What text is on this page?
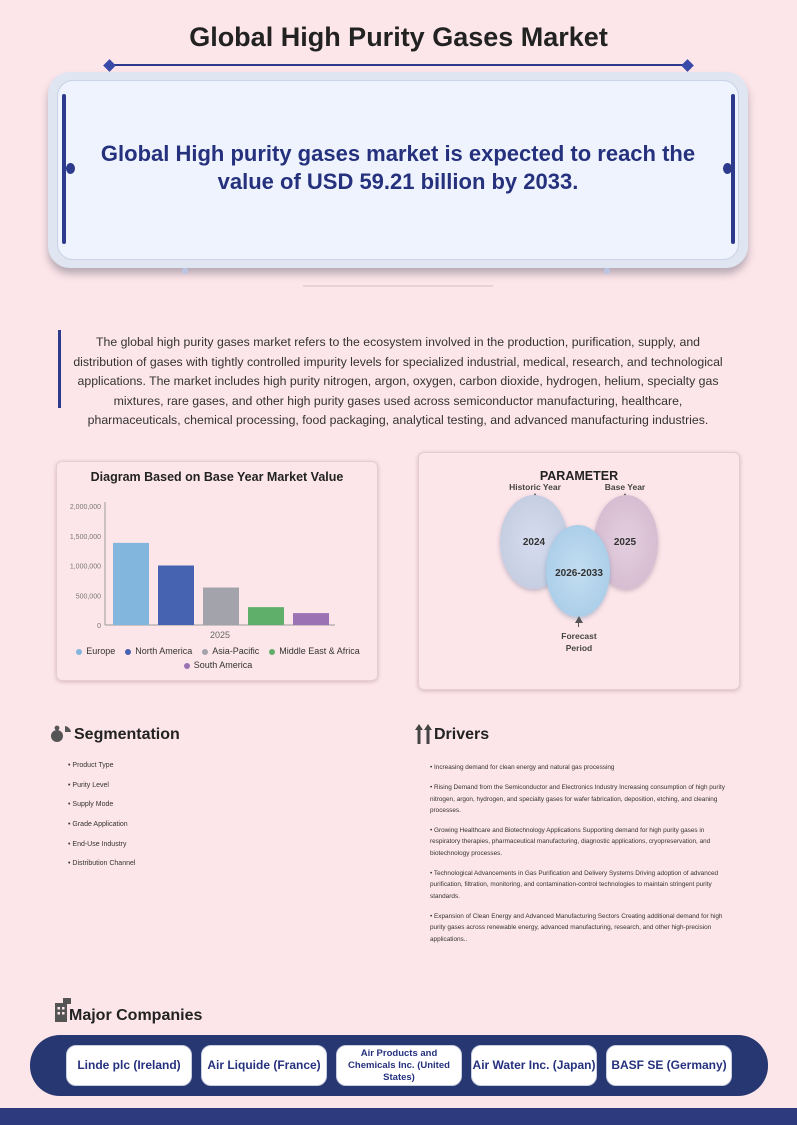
Global High Purity Gases Market
Global High purity gases market is expected to reach the value of USD 59.21 billion by 2033.
The global high purity gases market refers to the ecosystem involved in the production, purification, supply, and distribution of gases with tightly controlled impurity levels for specialized industrial, medical, research, and technological applications. The market includes high purity nitrogen, argon, oxygen, carbon dioxide, hydrogen, helium, specialty gas mixtures, rare gases, and other high purity gases used across semiconductor manufacturing, healthcare, pharmaceuticals, chemical processing, food packaging, analytical testing, and advanced manufacturing industries.
Diagram Based on Base Year Market Value
0
500,000
1,000,000
1,500,000
2,000,000
2025
Europe North America Asia-Pacific Middle East & Africa
South America
PARAMETER
Historic Year	Base Year
2024	2025
2026-2033
Forecast
Period
Segmentation
• Product Type
• Purity Level
• Supply Mode
• Grade Application
• End-Use Industry
• Distribution Channel
Drivers
• Increasing demand for clean energy and natural gas processing
• Rising Demand from the Semiconductor and Electronics Industry Increasing consumption of high purity nitrogen, argon, hydrogen, and specialty gases for wafer fabrication, deposition, etching, and cleaning processes.
• Growing Healthcare and Biotechnology Applications Supporting demand for high purity gases in respiratory therapies, pharmaceutical manufacturing, diagnostic applications, cryopreservation, and biotechnology processes.
• Technological Advancements in Gas Purification and Delivery Systems Driving adoption of advanced purification, filtration, monitoring, and contamination-control technologies to maintain stringent purity standards.
• Expansion of Clean Energy and Advanced Manufacturing Sectors Creating additional demand for high purity gases across renewable energy, advanced manufacturing, research, and other high-precision applications..
Major Companies
Linde plc (Ireland)	Air Liquide (France)
Air Products and Chemicals Inc. (United States)
Air Water Inc. (Japan)	BASF SE (Germany)
